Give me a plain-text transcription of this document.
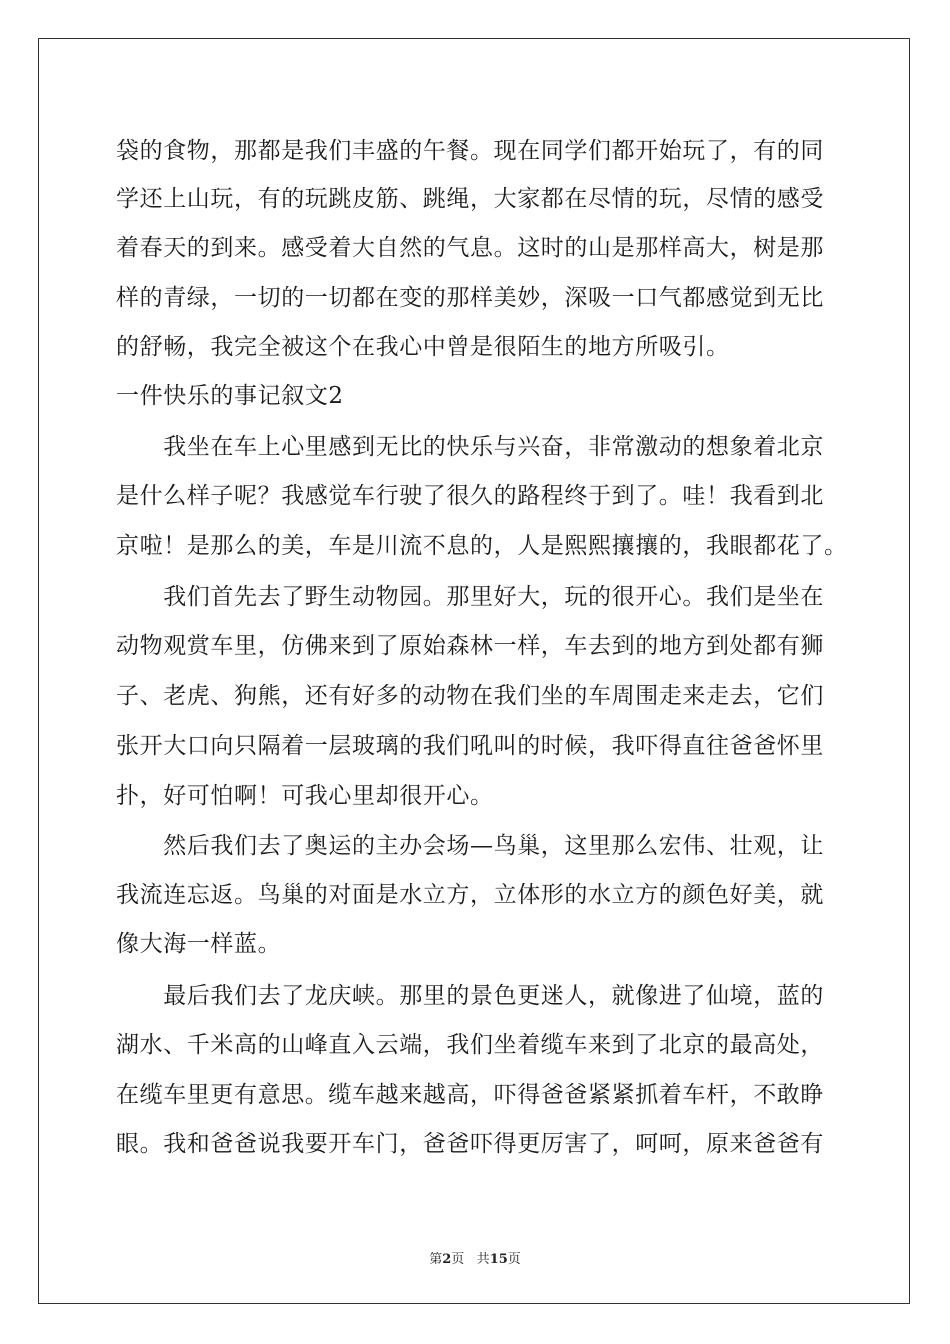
袋的食物，那都是我们丰盛的午餐。现在同学们都开始玩了，有的同
学还上山玩，有的玩跳皮筋、跳绳，大家都在尽情的玩，尽情的感受
着春天的到来。感受着大自然的气息。这时的山是那样高大，树是那
样的青绿，一切的一切都在变的那样美妙，深吸一口气都感觉到无比
的舒畅，我完全被这个在我心中曾是很陌生的地方所吸引。
一件快乐的事记叙文2
　　我坐在车上心里感到无比的快乐与兴奋，非常激动的想象着北京
是什么样子呢？我感觉车行驶了很久的路程终于到了。哇！我看到北
京啦！是那么的美，车是川流不息的，人是熙熙攘攘的，我眼都花了。
　　我们首先去了野生动物园。那里好大，玩的很开心。我们是坐在
动物观赏车里，仿佛来到了原始森林一样，车去到的地方到处都有狮
子、老虎、狗熊，还有好多的动物在我们坐的车周围走来走去，它们
张开大口向只隔着一层玻璃的我们吼叫的时候，我吓得直往爸爸怀里
扑，好可怕啊！可我心里却很开心。
　　然后我们去了奥运的主办会场—鸟巢，这里那么宏伟、壮观，让
我流连忘返。鸟巢的对面是水立方，立体形的水立方的颜色好美，就
像大海一样蓝。
　　最后我们去了龙庆峡。那里的景色更迷人，就像进了仙境，蓝的
湖水、千米高的山峰直入云端，我们坐着缆车来到了北京的最高处，
在缆车里更有意思。缆车越来越高，吓得爸爸紧紧抓着车杆，不敢睁
眼。我和爸爸说我要开车门，爸爸吓得更厉害了，呵呵，原来爸爸有
第2页 共15页
